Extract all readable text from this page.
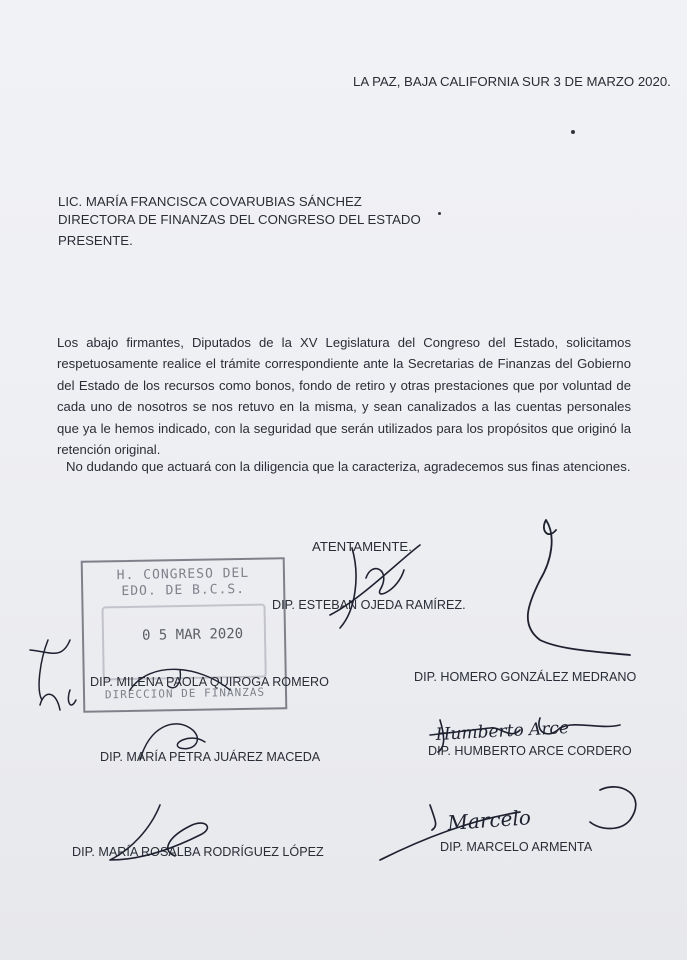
LA PAZ, BAJA CALIFORNIA SUR 3 DE MARZO 2020.
LIC. MARÍA FRANCISCA COVARUBIAS SÁNCHEZ
DIRECTORA DE FINANZAS DEL CONGRESO DEL ESTADO
PRESENTE.
Los abajo firmantes, Diputados de la XV Legislatura del Congreso del Estado, solicitamos respetuosamente realice el trámite correspondiente ante la Secretarias de Finanzas del Gobierno del Estado de los recursos como bonos, fondo de retiro y otras prestaciones que por voluntad de cada uno de nosotros se nos retuvo en la misma, y sean canalizados a las cuentas personales que ya le hemos indicado, con la seguridad que serán utilizados para los propósitos que originó la retención original.
No dudando que actuará con la diligencia que la caracteriza, agradecemos sus finas atenciones.
ATENTAMENTE.
H. CONGRESO DEL
EDO. DE B.C.S.
0 5 MAR 2020
DIRECCION DE FINANZAS
DIP. ESTEBAN OJEDA RAMÍREZ.
DIP. MILENA PAOLA QUIROGA ROMERO	DIP. HOMERO GONZÁLEZ MEDRANO
DIP. MARÍA PETRA JUÁREZ MACEDA	DIP. HUMBERTO ARCE CORDERO
DIP. MARÍA ROSALBA RODRÍGUEZ LÓPEZ	DIP. MARCELO ARMENTA
Humberto Arce
Marcelo
